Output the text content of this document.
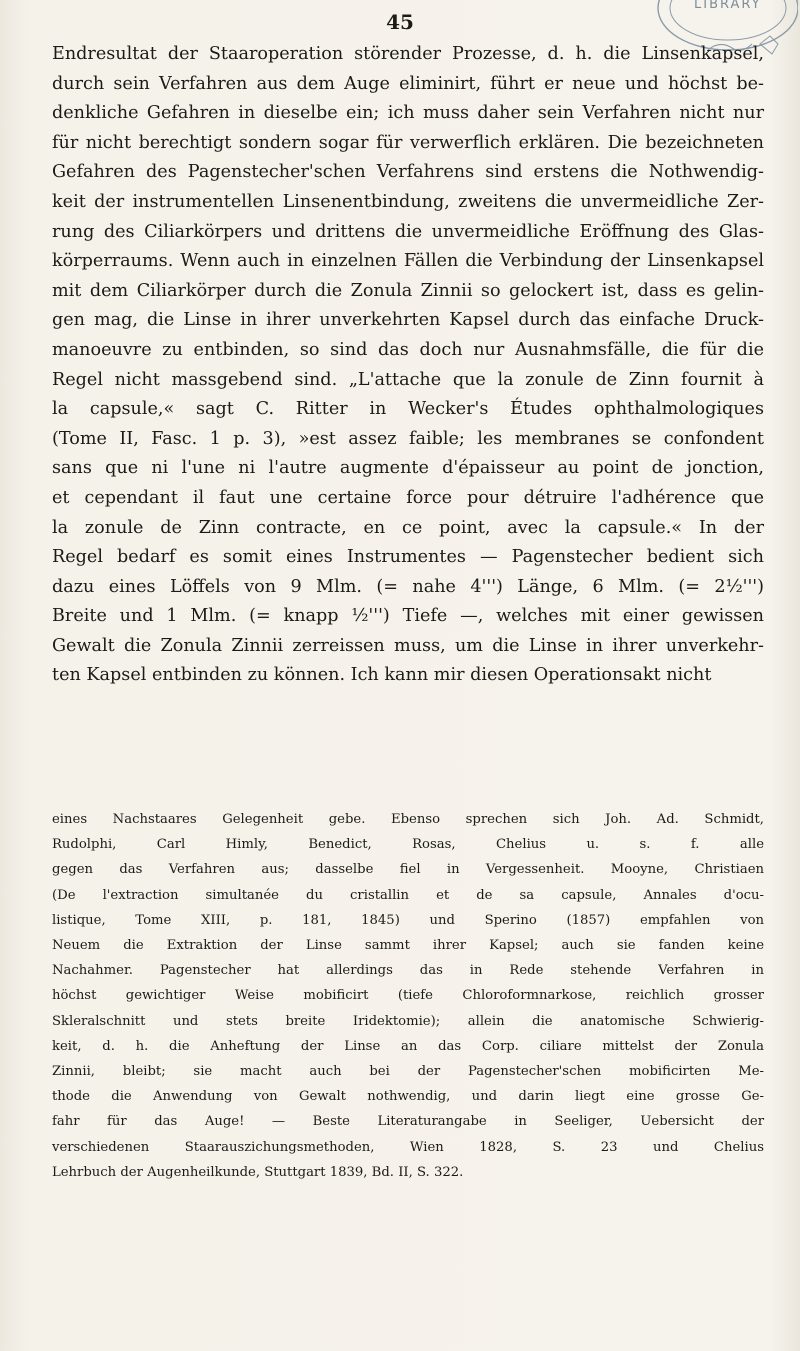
LIBRARY
45
Endresultat der Staaroperation störender Prozesse, d. h. die Linsenkapsel,
durch sein Verfahren aus dem Auge eliminirt, führt er neue und höchst be-
denkliche Gefahren in dieselbe ein; ich muss daher sein Verfahren nicht nur
für nicht berechtigt sondern sogar für verwerflich erklären. Die bezeichneten
Gefahren des Pagenstecher'schen Verfahrens sind erstens die Nothwendig-
keit der instrumentellen Linsenentbindung, zweitens die unvermeidliche Zer-
rung des Ciliarkörpers und drittens die unvermeidliche Eröffnung des Glas-
körperraums. Wenn auch in einzelnen Fällen die Verbindung der Linsenkapsel
mit dem Ciliarkörper durch die Zonula Zinnii so gelockert ist, dass es gelin-
gen mag, die Linse in ihrer unverkehrten Kapsel durch das einfache Druck-
manoeuvre zu entbinden, so sind das doch nur Ausnahmsfälle, die für die
Regel nicht massgebend sind. „L'attache que la zonule de Zinn fournit à
la capsule,« sagt C. Ritter in Wecker's Études ophthalmologiques
(Tome II, Fasc. 1 p. 3), »est assez faible; les membranes se confondent
sans que ni l'une ni l'autre augmente d'épaisseur au point de jonction,
et cependant il faut une certaine force pour détruire l'adhérence que
la zonule de Zinn contracte, en ce point, avec la capsule.« In der
Regel bedarf es somit eines Instrumentes — Pagenstecher bedient sich
dazu eines Löffels von 9 Mlm. (= nahe 4''') Länge, 6 Mlm. (= 2½''')
Breite und 1 Mlm. (= knapp ½''') Tiefe —, welches mit einer gewissen
Gewalt die Zonula Zinnii zerreissen muss, um die Linse in ihrer unverkehr-
ten Kapsel entbinden zu können. Ich kann mir diesen Operationsakt nicht
eines Nachstaares Gelegenheit gebe. Ebenso sprechen sich Joh. Ad. Schmidt,
Rudolphi, Carl Himly, Benedict, Rosas, Chelius u. s. f. alle
gegen das Verfahren aus; dasselbe fiel in Vergessenheit. Mooyne, Christiaen
(De l'extraction simultanée du cristallin et de sa capsule, Annales d'ocu-
listique, Tome XIII, p. 181, 1845) und Sperino (1857) empfahlen von
Neuem die Extraktion der Linse sammt ihrer Kapsel; auch sie fanden keine
Nachahmer. Pagenstecher hat allerdings das in Rede stehende Verfahren in
höchst gewichtiger Weise mobificirt (tiefe Chloroformnarkose, reichlich grosser
Skleralschnitt und stets breite Iridektomie); allein die anatomische Schwierig-
keit, d. h. die Anheftung der Linse an das Corp. ciliare mittelst der Zonula
Zinnii, bleibt; sie macht auch bei der Pagenstecher'schen mobificirten Me-
thode die Anwendung von Gewalt nothwendig, und darin liegt eine grosse Ge-
fahr für das Auge! — Beste Literaturangabe in Seeliger, Uebersicht der
verschiedenen Staarauszichungsmethoden, Wien 1828, S. 23 und Chelius
Lehrbuch der Augenheilkunde, Stuttgart 1839, Bd. II, S. 322.
